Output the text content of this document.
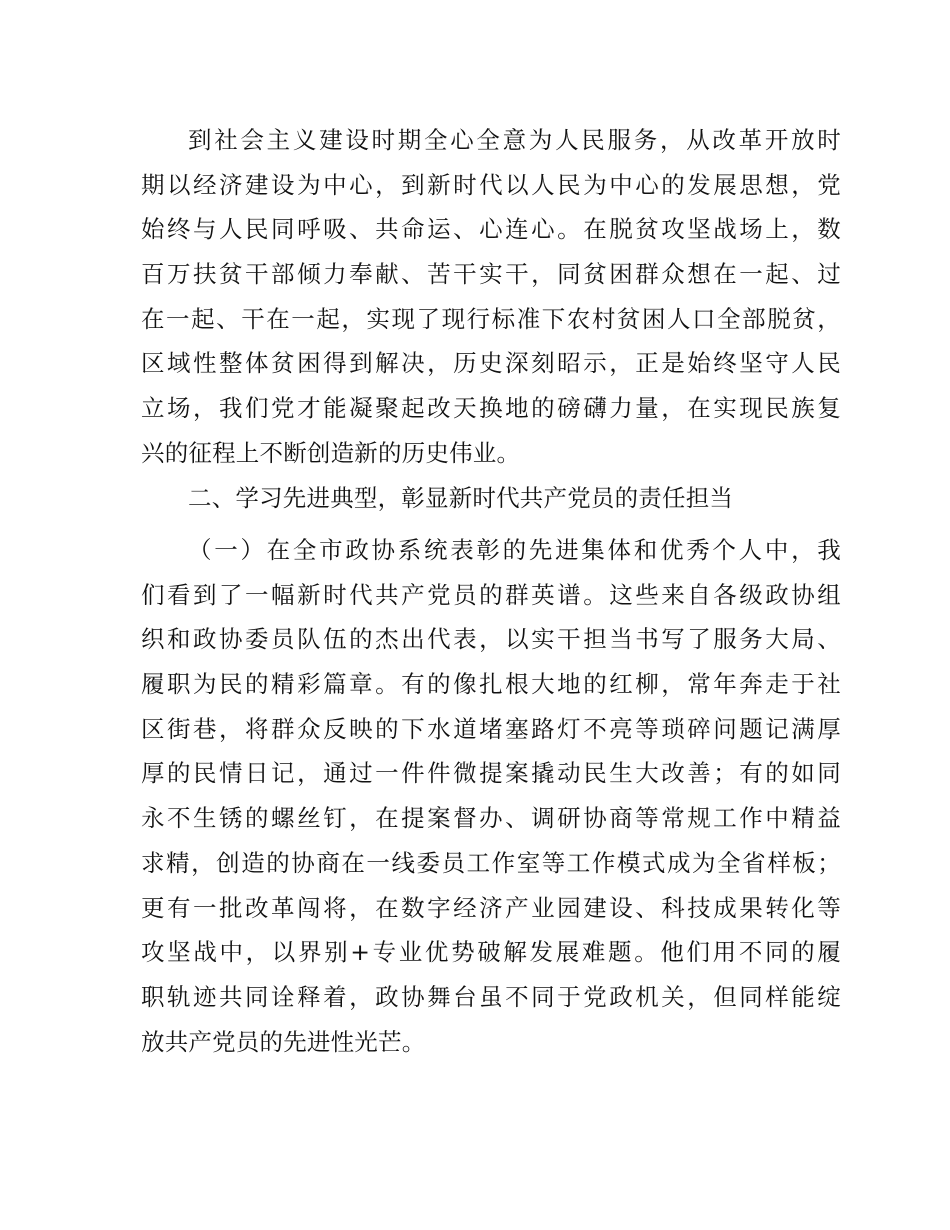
到社会主义建设时期全心全意为人民服务，从改革开放时
期以经济建设为中心，到新时代以人民为中心的发展思想，党
始终与人民同呼吸、共命运、心连心。在脱贫攻坚战场上，数
百万扶贫干部倾力奉献、苦干实干，同贫困群众想在一起、过
在一起、干在一起，实现了现行标准下农村贫困人口全部脱贫，
区域性整体贫困得到解决，历史深刻昭示，正是始终坚守人民
立场，我们党才能凝聚起改天换地的磅礴力量，在实现民族复
兴的征程上不断创造新的历史伟业。
二、学习先进典型，彰显新时代共产党员的责任担当
（一）在全市政协系统表彰的先进集体和优秀个人中，我
们看到了一幅新时代共产党员的群英谱。这些来自各级政协组
织和政协委员队伍的杰出代表，以实干担当书写了服务大局、
履职为民的精彩篇章。有的像扎根大地的红柳，常年奔走于社
区街巷，将群众反映的下水道堵塞路灯不亮等琐碎问题记满厚
厚的民情日记，通过一件件微提案撬动民生大改善；有的如同
永不生锈的螺丝钉，在提案督办、调研协商等常规工作中精益
求精，创造的协商在一线委员工作室等工作模式成为全省样板；
更有一批改革闯将，在数字经济产业园建设、科技成果转化等
攻坚战中，以界别+专业优势破解发展难题。他们用不同的履
职轨迹共同诠释着，政协舞台虽不同于党政机关，但同样能绽
放共产党员的先进性光芒。
